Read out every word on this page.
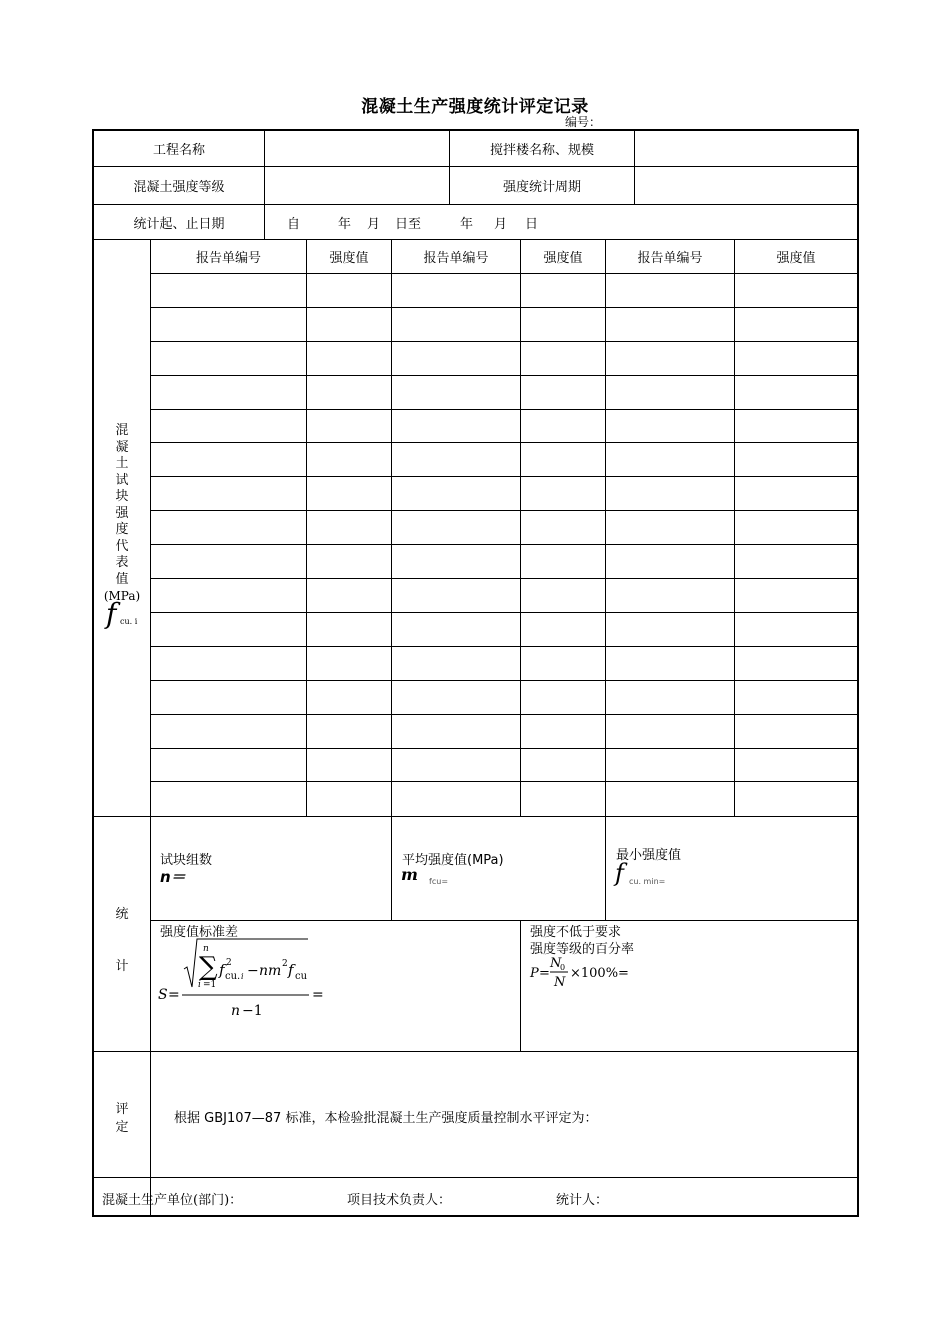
混凝土生产强度统计评定记录
编号：
工程名称	搅拌楼名称、规模
混凝土强度等级	强度统计周期
统计起、止日期	自	年 月 日至	年 月 日
报告单编号	强度值	报告单编号	强度值	报告单编号	强度值
混
凝
土
试
块
强
度
代
表
值
(MPa)
f cu. i
统
计
试块组数
n＝
平均强度值(MPa)
m $_{fcu=}$
最小强度值
f cu. min=
强度值标准差
S =
n
∑
i =1
f 2
cu. i − nm 2 f cu
n −1
=
强度不低于要求
强度等级的百分率
P =
N
0
N
×100%=
评
定
根据 GBJ107—87 标准，本检验批混凝土生产强度质量控制水平评定为：
混凝土生产单位(部门)：	项目技术负责人：	统计人：
